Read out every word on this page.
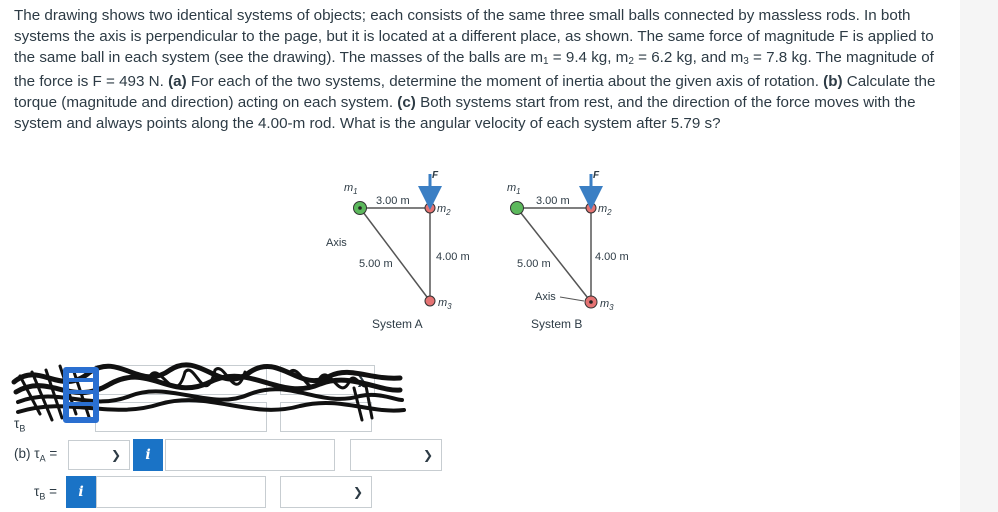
The drawing shows two identical systems of objects; each consists of the same three small balls connected by massless rods. In both systems the axis is perpendicular to the page, but it is located at a different place, as shown. The same force of magnitude F is applied to the same ball in each system (see the drawing). The masses of the balls are $m_1 = 9.4$ kg, $m_2 = 6.2$ kg, and $m_3 = 7.8$ kg. The magnitude of the force is F = 493 N. (a) For each of the two systems, determine the moment of inertia about the given axis of rotation. (b) Calculate the torque (magnitude and direction) acting on each system. (c) Both systems start from rest, and the direction of the force moves with the system and always points along the 4.00-m rod. What is the angular velocity of each system after 5.79 s?
F
$m_1$
3.00 m
$m_2$
Axis
4.00 m
5.00 m
$m_3$
System A
F
$m_1$
3.00 m
$m_2$
4.00 m
5.00 m
Axis
$m_3$
System B
❯
$\tau_B$
(b) $\tau_A$ =	❯ i	❯
$\tau_B = i$	❯
